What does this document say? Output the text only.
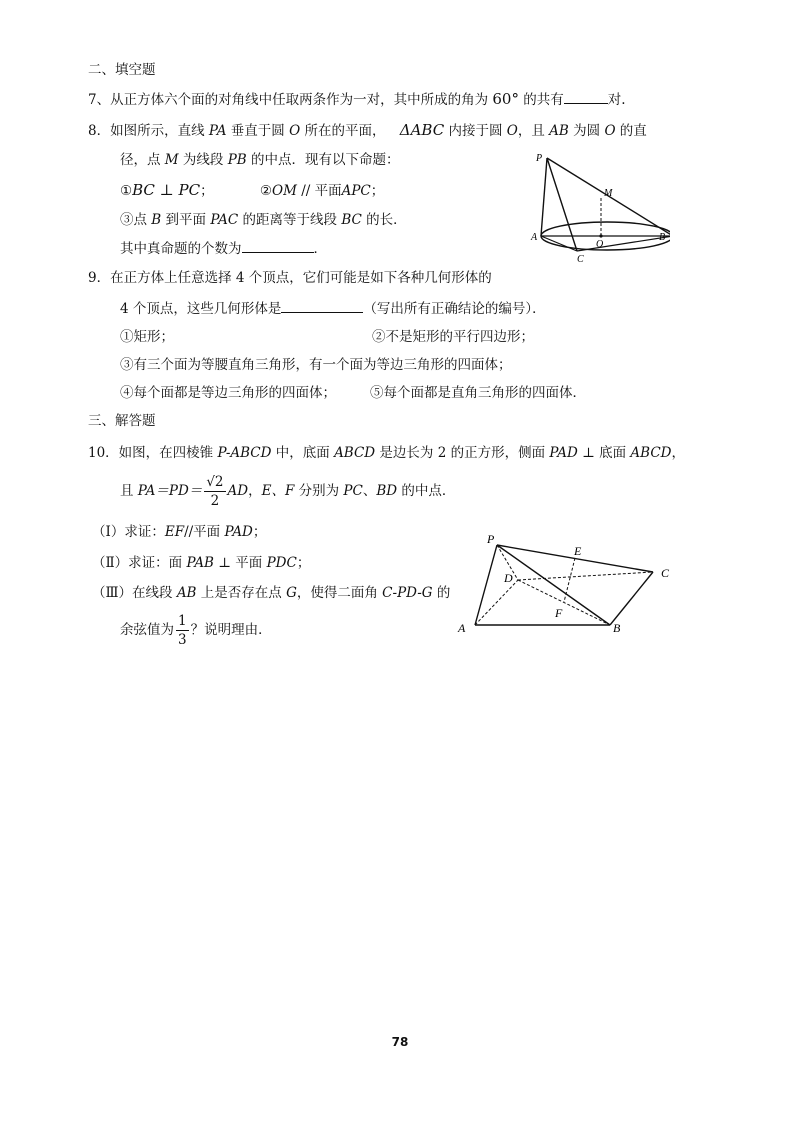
二、填空题
7、从正方体六个面的对角线中任取两条作为一对，其中所成的角为 60° 的共有	对.
8．如图所示，直线 PA 垂直于圆 O 所在的平面， ΔABC 内接于圆 O，且 AB 为圆 O 的直
径，点 M 为线段 PB 的中点．现有以下命题：
①BC ⊥ PC；	②OM // 平面APC；
③点 B 到平面 PAC 的距离等于线段 BC 的长．
其中真命题的个数为	．
P
M
A
O
B
C
9．在正方体上任意选择 4 个顶点，它们可能是如下各种几何形体的
4 个顶点，这些几何形体是	（写出所有正确结论的编号）．
①矩形；	②不是矩形的平行四边形；
③有三个面为等腰直角三角形，有一个面为等边三角形的四面体；
④每个面都是等边三角形的四面体；	⑤每个面都是直角三角形的四面体．
三、解答题
10．如图，在四棱锥 P-ABCD 中，底面 ABCD 是边长为 2 的正方形，侧面 PAD ⊥ 底面 ABCD，
且 $PA=PD= \frac{√2}{2}$ AD，E、F 分别为 PC、BD 的中点．
（Ⅰ）求证：EF//平面 PAD；
（Ⅱ）求证：面 PAB ⊥ 平面 PDC；
（Ⅲ）在线段 AB 上是否存在点 G，使得二面角 C-PD-G 的
余弦值为 $\frac{1}{3}$ ？说明理由．
P
E
C
D
F
A	B
78
